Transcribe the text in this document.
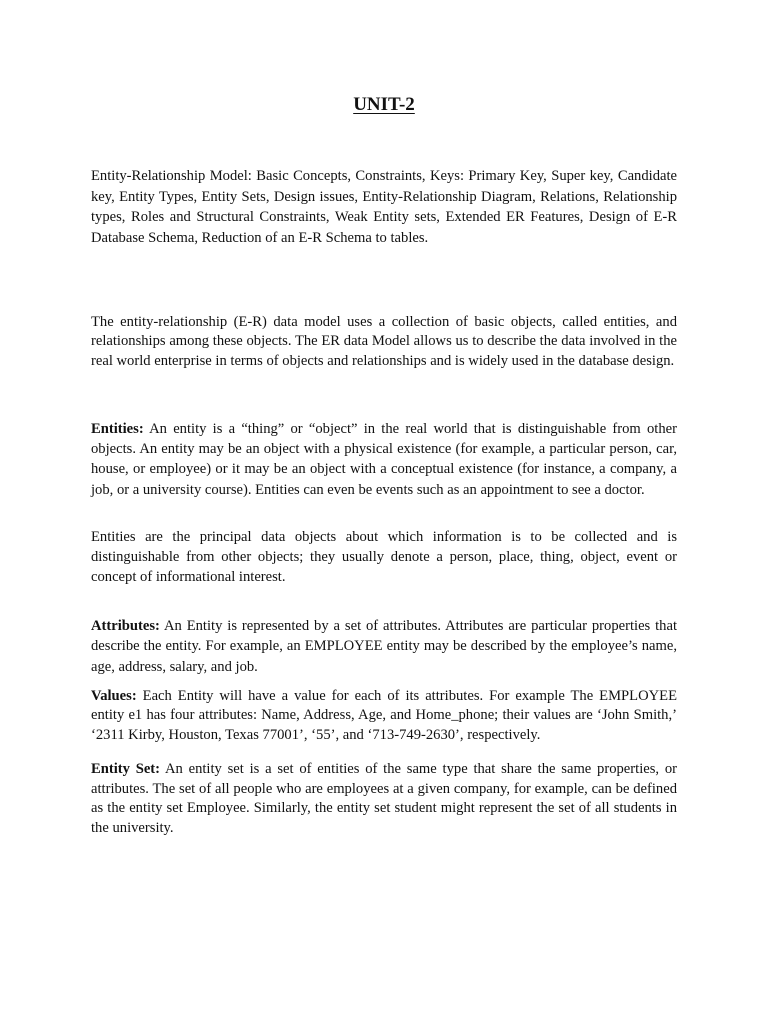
UNIT-2

Entity-Relationship Model: Basic Concepts, Constraints, Keys: Primary Key, Super key, Candidate key, Entity Types, Entity Sets, Design issues, Entity-Relationship Diagram, Relations, Relationship types, Roles and Structural Constraints, Weak Entity sets, Extended ER Features, Design of E-R Database Schema, Reduction of an E-R Schema to tables.

The entity-relationship (E-R) data model uses a collection of basic objects, called entities, and relationships among these objects. The ER data Model allows us to describe the data involved in the real world enterprise in terms of objects and relationships and is widely used in the database design.

Entities: An entity is a “thing” or “object” in the real world that is distinguishable from other objects. An entity may be an object with a physical existence (for example, a particular person, car, house, or employee) or it may be an object with a conceptual existence (for instance, a company, a job, or a university course). Entities can even be events such as an appointment to see a doctor.

Entities are the principal data objects about which information is to be collected and is distinguishable from other objects; they usually denote a person, place, thing, object, event or concept of informational interest.

Attributes: An Entity is represented by a set of attributes. Attributes are particular properties that describe the entity. For example, an EMPLOYEE entity may be described by the employee’s name, age, address, salary, and job.

Values: Each Entity will have a value for each of its attributes. For example The EMPLOYEE entity e1 has four attributes: Name, Address, Age, and Home_phone; their values are ‘John Smith,’ ‘2311 Kirby, Houston, Texas 77001’, ‘55’, and ‘713-749-2630’, respectively.

Entity Set: An entity set is a set of entities of the same type that share the same properties, or attributes. The set of all people who are employees at a given company, for example, can be defined as the entity set Employee. Similarly, the entity set student might represent the set of all students in the university.
